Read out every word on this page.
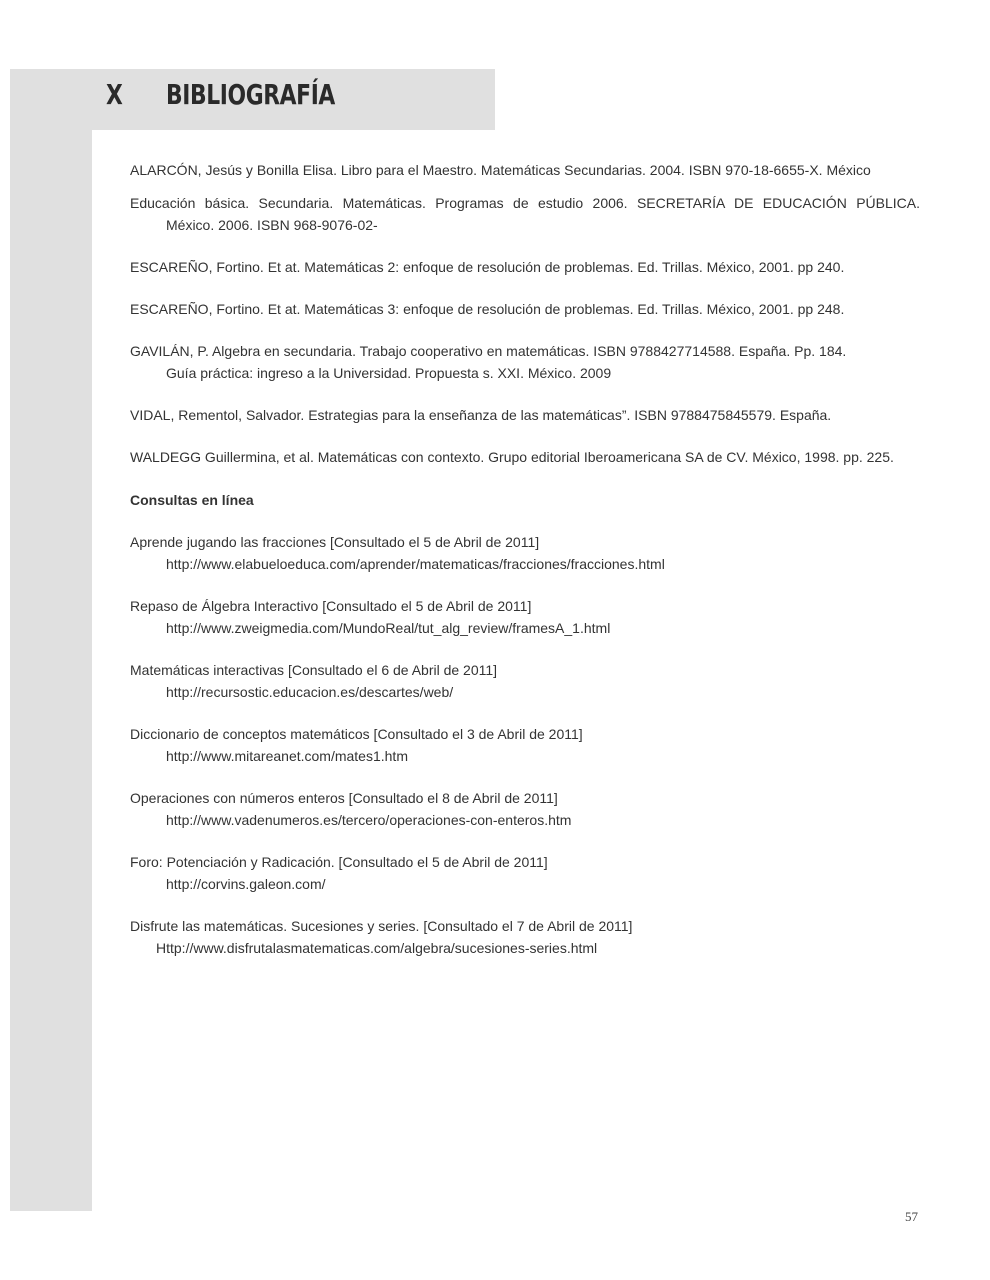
X BIBLIOGRAFÍA

ALARCÓN, Jesús y Bonilla Elisa. Libro para el Maestro. Matemáticas Secundarias. 2004. ISBN 970-18-6655-X. México

Educación básica. Secundaria. Matemáticas. Programas de estudio 2006. SECRETARÍA DE EDUCACIÓN PÚBLICA.
México. 2006. ISBN 968-9076-02-

ESCAREÑO, Fortino. Et at. Matemáticas 2: enfoque de resolución de problemas. Ed. Trillas. México, 2001. pp 240.

ESCAREÑO, Fortino. Et at. Matemáticas 3: enfoque de resolución de problemas. Ed. Trillas. México, 2001. pp 248.

GAVILÁN, P. Algebra en secundaria. Trabajo cooperativo en matemáticas. ISBN 9788427714588. España. Pp. 184.
Guía práctica: ingreso a la Universidad. Propuesta s. XXI. México. 2009

VIDAL, Rementol, Salvador. Estrategias para la enseñanza de las matemáticas”. ISBN 9788475845579. España.

WALDEGG Guillermina, et al. Matemáticas con contexto. Grupo editorial Iberoamericana SA de CV. México, 1998. pp. 225.

Consultas en línea

Aprende jugando las fracciones [Consultado el 5 de Abril de 2011]
http://www.elabueloeduca.com/aprender/matematicas/fracciones/fracciones.html

Repaso de Álgebra Interactivo [Consultado el 5 de Abril de 2011]
http://www.zweigmedia.com/MundoReal/tut_alg_review/framesA_1.html

Matemáticas interactivas [Consultado el 6 de Abril de 2011]
http://recursostic.educacion.es/descartes/web/

Diccionario de conceptos matemáticos [Consultado el 3 de Abril de 2011]
http://www.mitareanet.com/mates1.htm

Operaciones con números enteros [Consultado el 8 de Abril de 2011]
http://www.vadenumeros.es/tercero/operaciones-con-enteros.htm

Foro: Potenciación y Radicación. [Consultado el 5 de Abril de 2011]
http://corvins.galeon.com/

Disfrute las matemáticas. Sucesiones y series. [Consultado el 7 de Abril de 2011]
Http://www.disfrutalasmatematicas.com/algebra/sucesiones-series.html

57
